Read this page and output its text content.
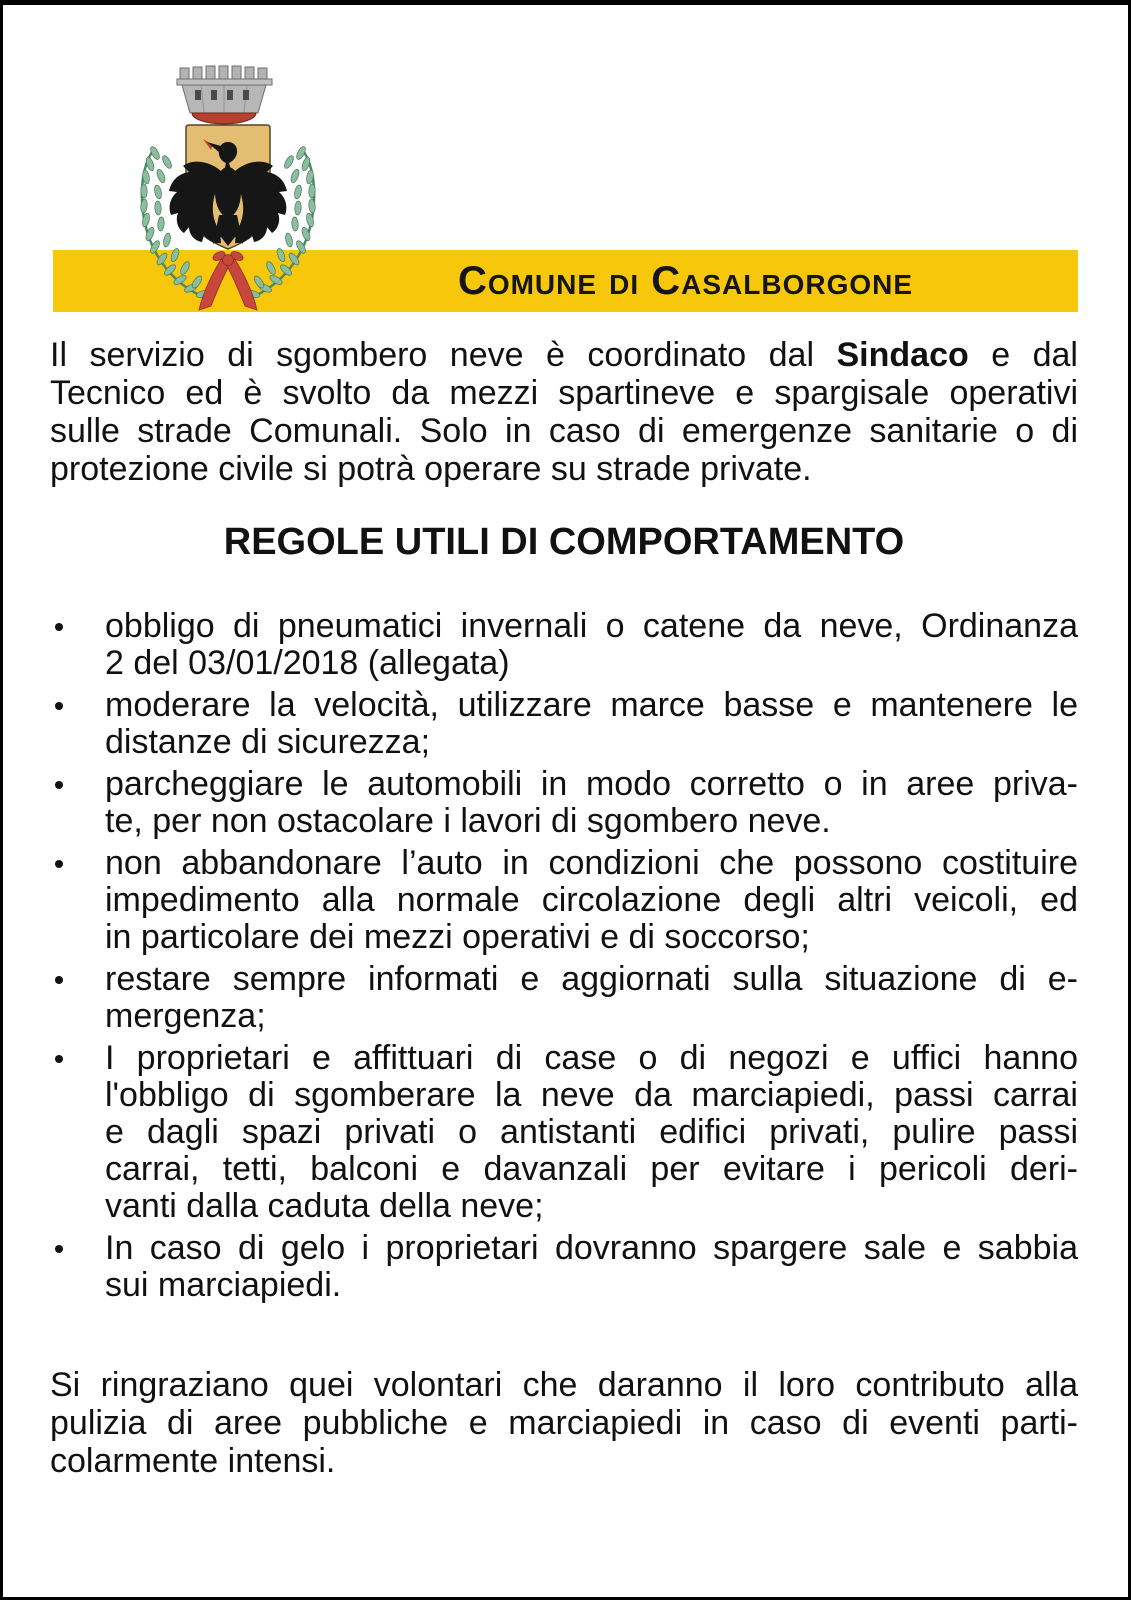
Comune di Casalborgone
Il servizio di sgombero neve è coordinato dal Sindaco e dal
Tecnico ed è svolto da mezzi spartineve e spargisale operativi
sulle strade Comunali. Solo in caso di emergenze sanitarie o di
protezione civile si potrà operare su strade private.
REGOLE UTILI DI COMPORTAMENTO
obbligo di pneumatici invernali o catene da neve, Ordinanza
2 del 03/01/2018 (allegata)
moderare la velocità, utilizzare marce basse e mantenere le
distanze di sicurezza;
parcheggiare le automobili in modo corretto o in aree priva-
te, per non ostacolare i lavori di sgombero neve.
non abbandonare l’auto in condizioni che possono costituire
impedimento alla normale circolazione degli altri veicoli, ed
in particolare dei mezzi operativi e di soccorso;
restare sempre informati e aggiornati sulla situazione di e-
mergenza;
I proprietari e affittuari di case o di negozi e uffici hanno
l'obbligo di sgomberare la neve da marciapiedi, passi carrai
e dagli spazi privati o antistanti edifici privati, pulire passi
carrai, tetti, balconi e davanzali per evitare i pericoli deri-
vanti dalla caduta della neve;
In caso di gelo i proprietari dovranno spargere sale e sabbia
sui marciapiedi.
Si ringraziano quei volontari che daranno il loro contributo alla
pulizia di aree pubbliche e marciapiedi in caso di eventi parti-
colarmente intensi.
